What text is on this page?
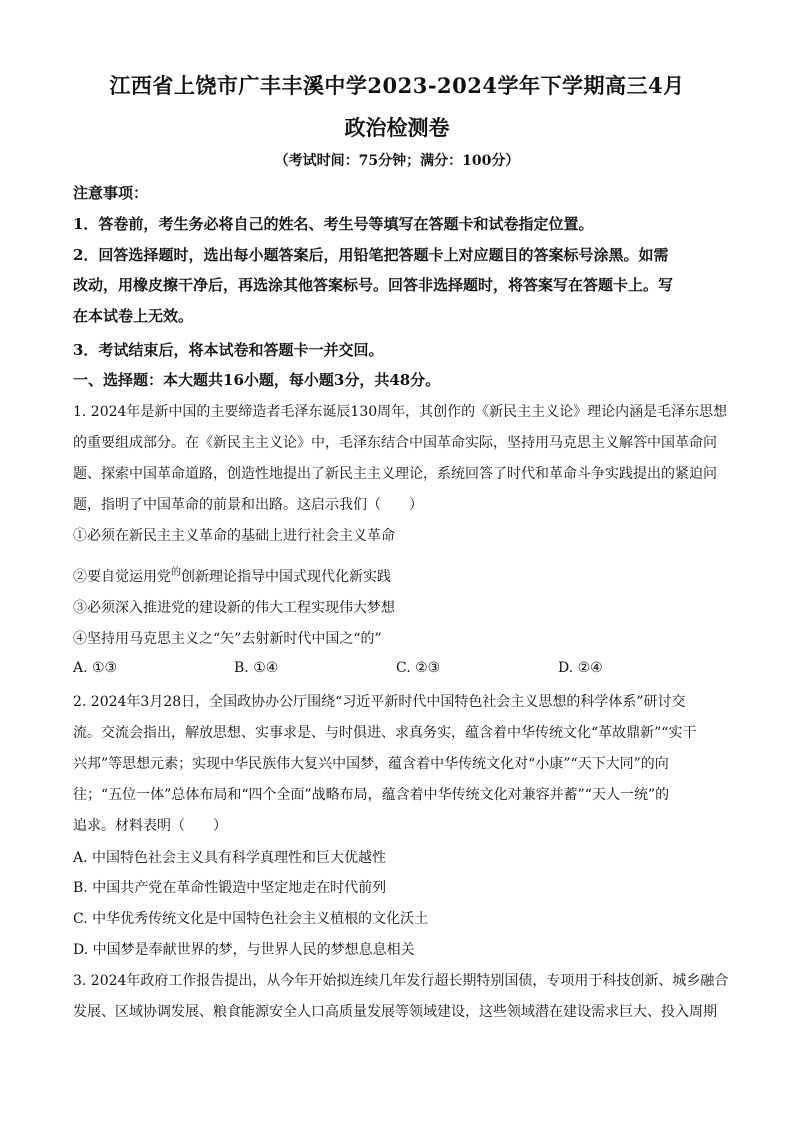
江西省上饶市广丰丰溪中学2023-2024学年下学期高三4月
政治检测卷
（考试时间：75分钟；满分：100分）
注意事项：
1．答卷前，考生务必将自己的姓名、考生号等填写在答题卡和试卷指定位置。
2．回答选择题时，选出每小题答案后，用铅笔把答题卡上对应题目的答案标号涂黑。如需
改动，用橡皮擦干净后，再选涂其他答案标号。回答非选择题时，将答案写在答题卡上。写
在本试卷上无效。
3．考试结束后，将本试卷和答题卡一并交回。
一、选择题：本大题共16小题，每小题3分，共48分。
1. 2024年是新中国的主要缔造者毛泽东诞辰130周年，其创作的《新民主主义论》理论内涵是毛泽东思想
的重要组成部分。在《新民主主义论》中，毛泽东结合中国革命实际，坚持用马克思主义解答中国革命问
题、探索中国革命道路，创造性地提出了新民主主义理论，系统回答了时代和革命斗争实践提出的紧迫问
题，指明了中国革命的前景和出路。这启示我们（　　）
①必须在新民主主义革命的基础上进行社会主义革命
②要自觉运用党$^的$创新理论指导中国式现代化新实践
③必须深入推进党的建设新的伟大工程实现伟大梦想
④坚持用马克思主义之“矢”去射新时代中国之“的”
A. ①③	B. ①④	C. ②③	D. ②④
2. 2024年3月28日，全国政协办公厅围绕“习近平新时代中国特色社会主义思想的科学体系”研讨交
流。交流会指出，解放思想、实事求是、与时俱进、求真务实，蕴含着中华传统文化“革故鼎新”“实干
兴邦”等思想元素；实现中华民族伟大复兴中国梦，蕴含着中华传统文化对“小康”“天下大同”的向
往；“五位一体”总体布局和“四个全面”战略布局，蕴含着中华传统文化对兼容并蓄”“天人一统”的
追求。材料表明（　　）
A. 中国特色社会主义具有科学真理性和巨大优越性
B. 中国共产党在革命性锻造中坚定地走在时代前列
C. 中华优秀传统文化是中国特色社会主义植根的文化沃土
D. 中国梦是奉献世界的梦，与世界人民的梦想息息相关
3. 2024年政府工作报告提出，从今年开始拟连续几年发行超长期特别国债，专项用于科技创新、城乡融合
发展、区域协调发展、粮食能源安全人口高质量发展等领域建设，这些领域潜在建设需求巨大、投入周期
